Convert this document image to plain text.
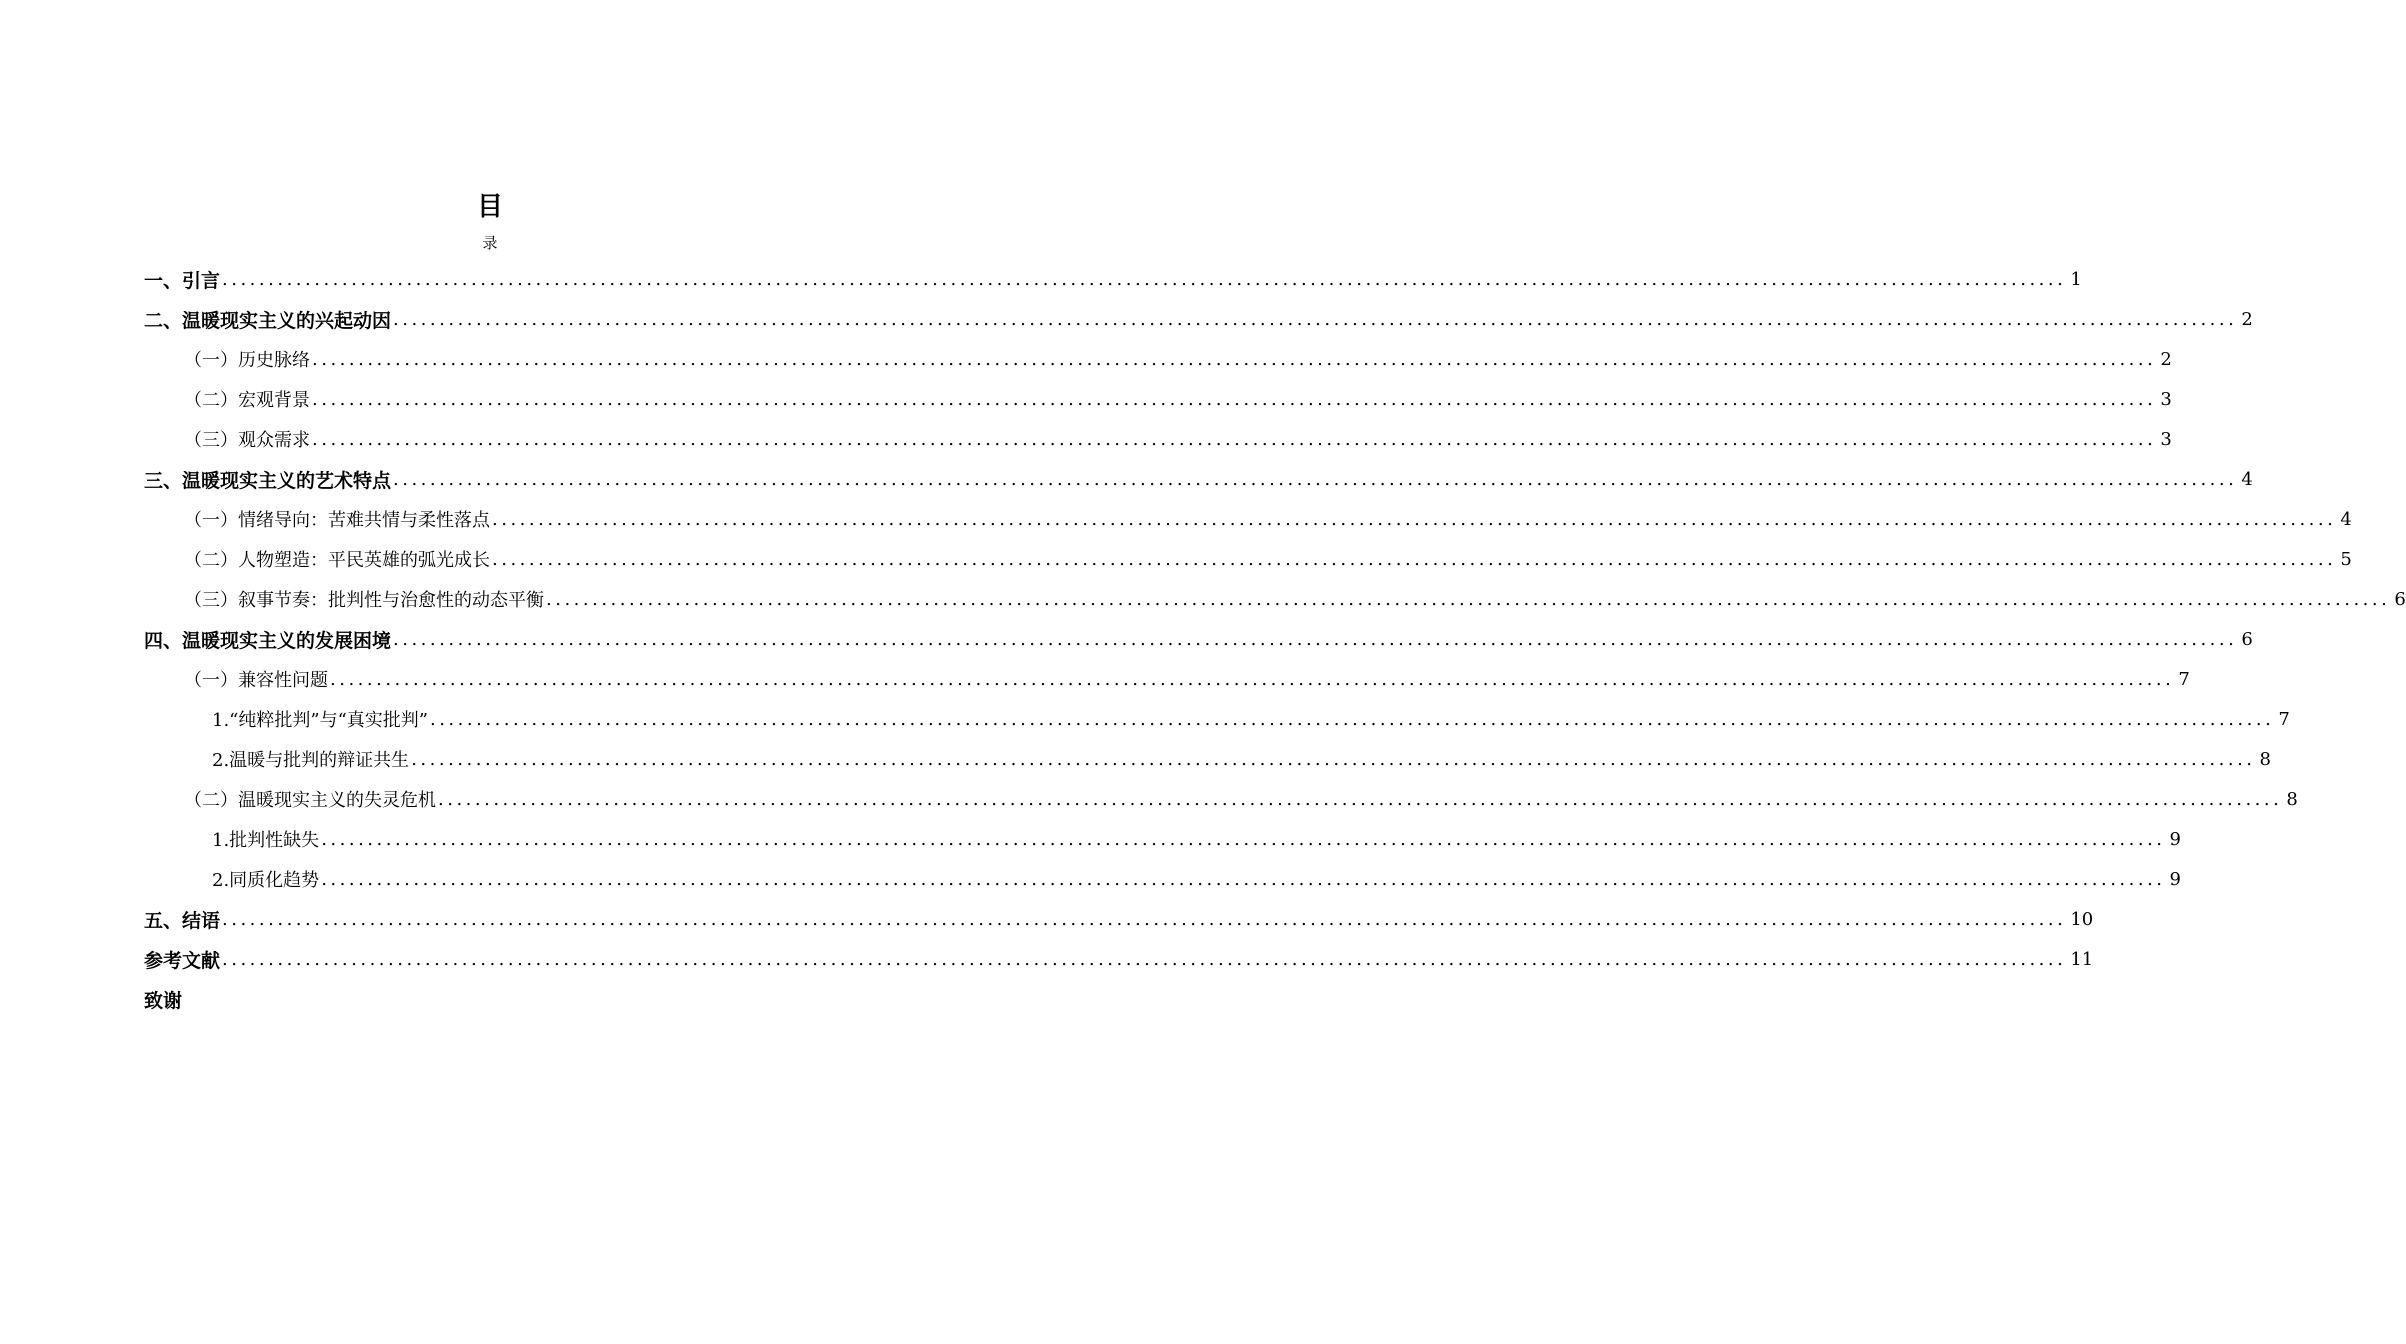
目
录
一、引言 ........................................................................................................................................................................................................ 1
二、温暖现实主义的兴起动因 ........................................................................................................................................................................................................ 2
（一）历史脉络 ........................................................................................................................................................................................................ 2
（二）宏观背景 ........................................................................................................................................................................................................ 3
（三）观众需求 ........................................................................................................................................................................................................ 3
三、温暖现实主义的艺术特点 ........................................................................................................................................................................................................ 4
（一）情绪导向：苦难共情与柔性落点 ........................................................................................................................................................................................................ 4
（二）人物塑造：平民英雄的弧光成长 ........................................................................................................................................................................................................ 5
（三）叙事节奏：批判性与治愈性的动态平衡 ........................................................................................................................................................................................................ 6
四、温暖现实主义的发展困境 ........................................................................................................................................................................................................ 6
（一）兼容性问题 ........................................................................................................................................................................................................ 7
1.“纯粹批判”与“真实批判” ........................................................................................................................................................................................................ 7
2.温暖与批判的辩证共生 ........................................................................................................................................................................................................ 8
（二）温暖现实主义的失灵危机 ........................................................................................................................................................................................................ 8
1.批判性缺失 ........................................................................................................................................................................................................ 9
2.同质化趋势 ........................................................................................................................................................................................................ 9
五、结语 ........................................................................................................................................................................................................ 10
参考文献 ........................................................................................................................................................................................................ 11
致谢
